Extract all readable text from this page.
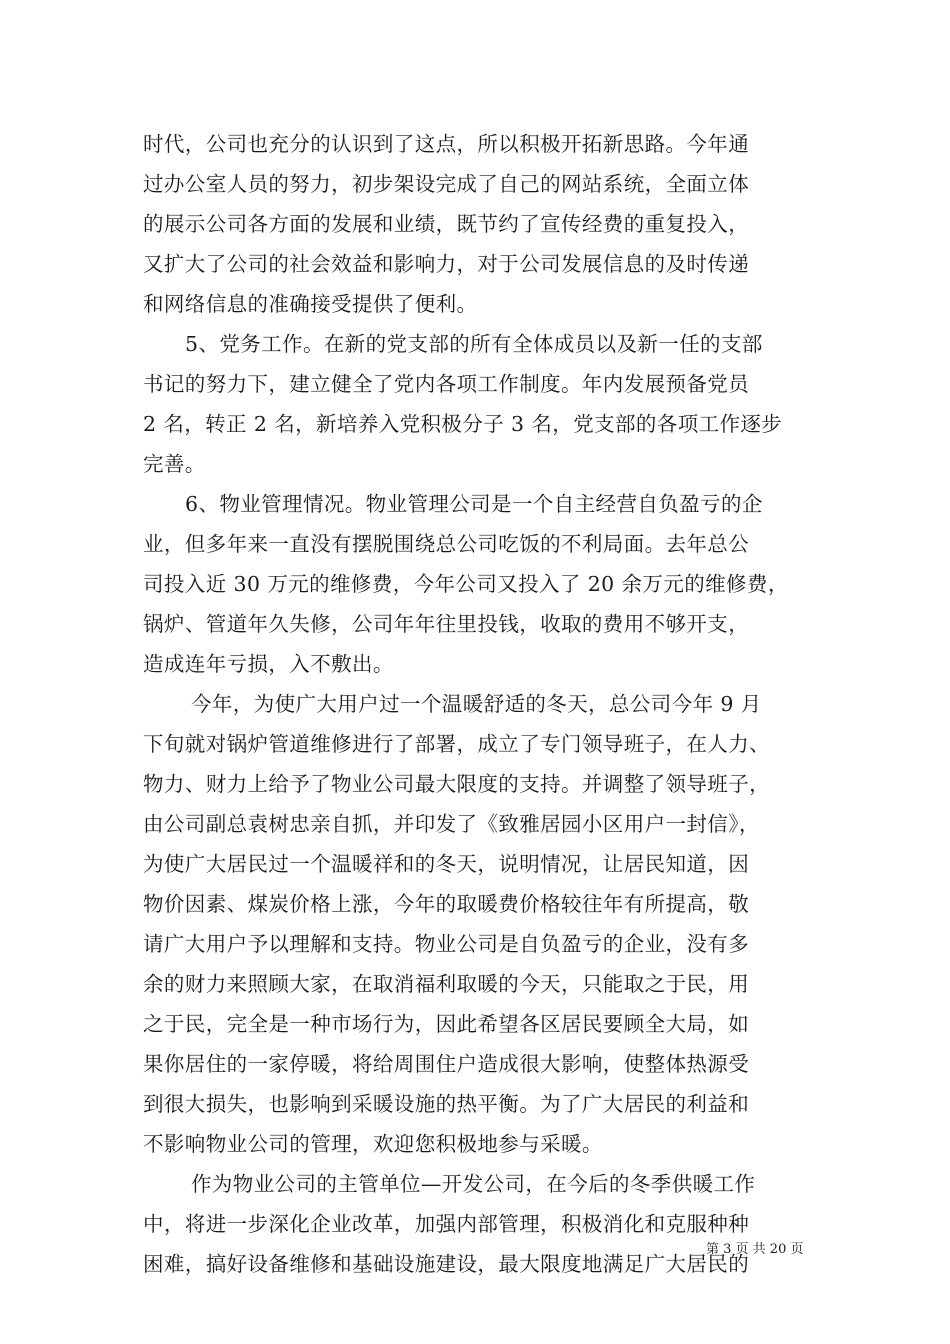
时代，公司也充分的认识到了这点，所以积极开拓新思路。今年通
过办公室人员的努力，初步架设完成了自己的网站系统，全面立体
的展示公司各方面的发展和业绩，既节约了宣传经费的重复投入，
又扩大了公司的社会效益和影响力，对于公司发展信息的及时传递
和网络信息的准确接受提供了便利。
5、党务工作。在新的党支部的所有全体成员以及新一任的支部
书记的努力下，建立健全了党内各项工作制度。年内发展预备党员
2 名，转正 2 名，新培养入党积极分子 3 名，党支部的各项工作逐步
完善。
6、物业管理情况。物业管理公司是一个自主经营自负盈亏的企
业，但多年来一直没有摆脱围绕总公司吃饭的不利局面。去年总公
司投入近 30 万元的维修费，今年公司又投入了 20 余万元的维修费，
锅炉、管道年久失修，公司年年往里投钱，收取的费用不够开支，
造成连年亏损，入不敷出。
今年，为使广大用户过一个温暖舒适的冬天，总公司今年 9 月
下旬就对锅炉管道维修进行了部署，成立了专门领导班子，在人力、
物力、财力上给予了物业公司最大限度的支持。并调整了领导班子，
由公司副总袁树忠亲自抓，并印发了《致雅居园小区用户一封信》，
为使广大居民过一个温暖祥和的冬天，说明情况，让居民知道，因
物价因素、煤炭价格上涨，今年的取暖费价格较往年有所提高，敬
请广大用户予以理解和支持。物业公司是自负盈亏的企业，没有多
余的财力来照顾大家，在取消福利取暖的今天，只能取之于民，用
之于民，完全是一种市场行为，因此希望各区居民要顾全大局，如
果你居住的一家停暖，将给周围住户造成很大影响，使整体热源受
到很大损失，也影响到采暖设施的热平衡。为了广大居民的利益和
不影响物业公司的管理，欢迎您积极地参与采暖。
作为物业公司的主管单位—开发公司，在今后的冬季供暖工作
中，将进一步深化企业改革，加强内部管理，积极消化和克服种种
困难，搞好设备维修和基础设施建设，最大限度地满足广大居民的
第 3 页 共 20 页
